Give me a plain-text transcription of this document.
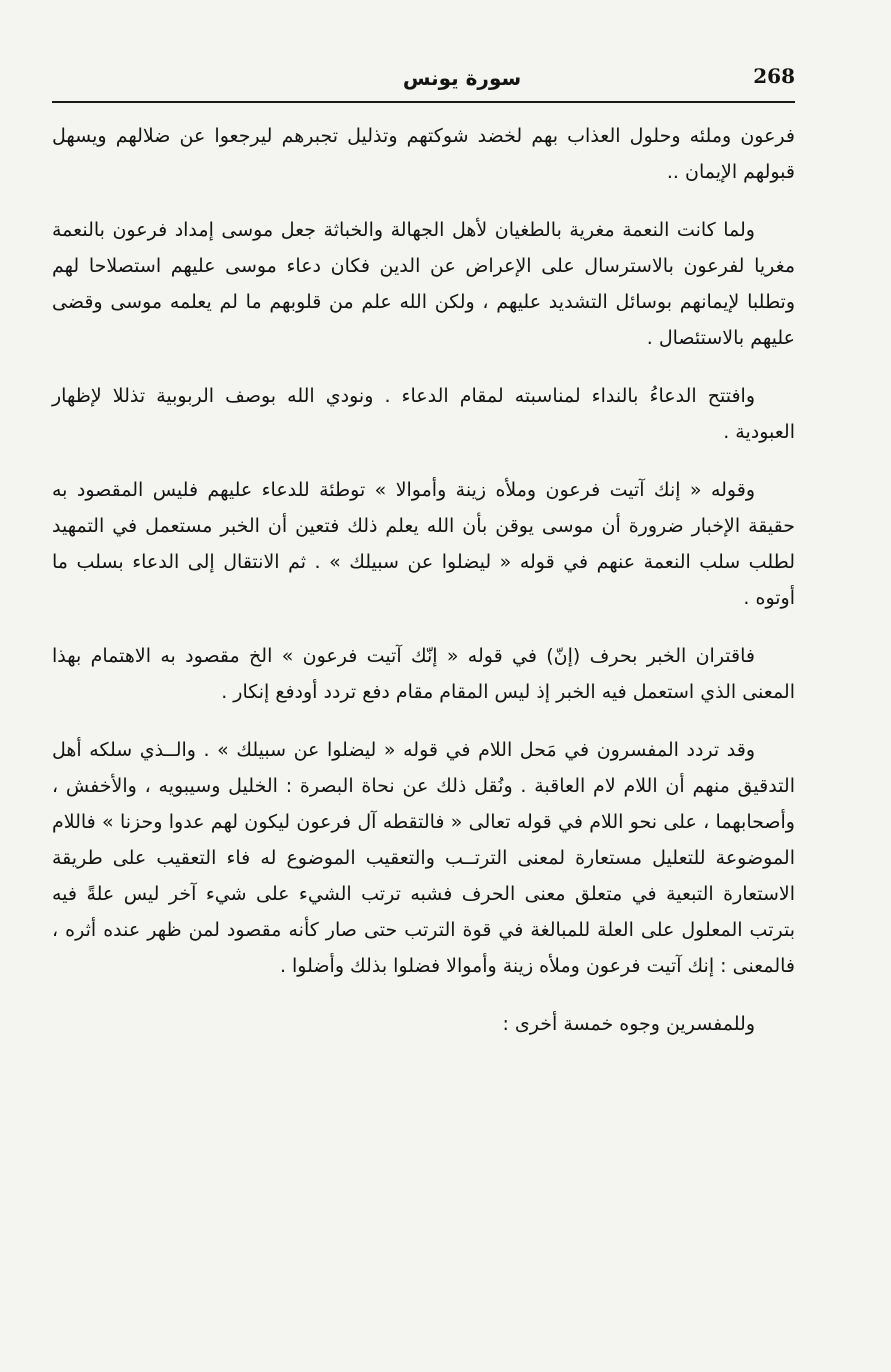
268
سورة يونس

فرعون وملئه وحلول العذاب بهم لخضد شوكتهم وتذليل تجبرهم ليرجعوا عن ضلالهم ويسهل قبولهم الإيمان ..

ولما كانت النعمة مغرية بالطغيان لأهل الجهالة والخباثة جعل موسى إمداد فرعون بالنعمة مغريا لفرعون بالاسترسال على الإعراض عن الدين فكان دعاء موسى عليهم استصلاحا لهم وتطلبا لإيمانهم بوسائل التشديد عليهم ، ولكن الله علم من قلوبهم ما لم يعلمه موسى وقضى عليهم بالاستئصال .

وافتتح الدعاءُ بالنداء لمناسبته لمقام الدعاء . ونودي الله بوصف الربوبية تذللا لإظهار العبودية .

وقوله « إنك آتيت فرعون وملأه زينة وأموالا » توطئة للدعاء عليهم فليس المقصود به حقيقة الإخبار ضرورة أن موسى يوقن بأن الله يعلم ذلك فتعين أن الخبر مستعمل في التمهيد لطلب سلب النعمة عنهم في قوله « ليضلوا عن سبيلك » . ثم الانتقال إلى الدعاء بسلب ما أوتوه .

فاقتران الخبر بحرف (إنّ) في قوله « إنّك آتيت فرعون » الخ مقصود به الاهتمام بهذا المعنى الذي استعمل فيه الخبر إذ ليس المقام مقام دفع تردد أودفع إنكار .

وقد تردد المفسرون في مَحل اللام في قوله « ليضلوا عن سبيلك » . والــذي سلكه أهل التدقيق منهم أن اللام لام العاقبة . ونُقل ذلك عن نحاة البصرة : الخليل وسيبويه ، والأخفش ، وأصحابهما ، على نحو اللام في قوله تعالى « فالتقطه آل فرعون ليكون لهم عدوا وحزنا » فاللام الموضوعة للتعليل مستعارة لمعنى الترتــب والتعقيب الموضوع له فاء التعقيب على طريقة الاستعارة التبعية في متعلق معنى الحرف فشبه ترتب الشيء على شيء آخر ليس علةً فيه بترتب المعلول على العلة للمبالغة في قوة الترتب حتى صار كأنه مقصود لمن ظهر عنده أثره ، فالمعنى : إنك آتيت فرعون وملأه زينة وأموالا فضلوا بذلك وأضلوا .

وللمفسرين وجوه خمسة أخرى :
